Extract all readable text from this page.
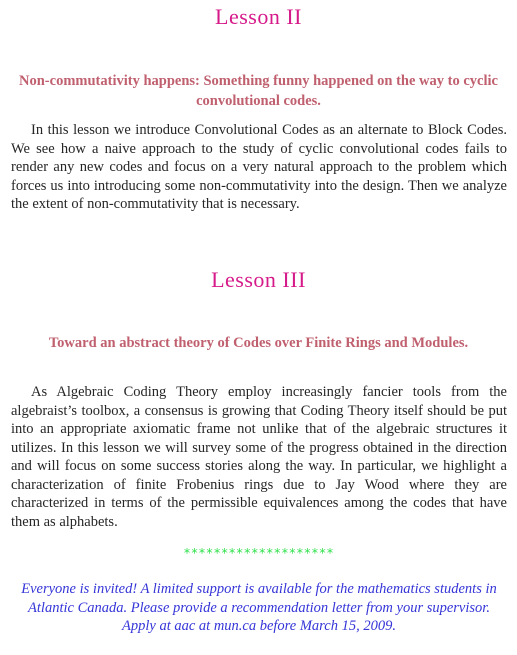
Lesson II
Non-commutativity happens: Something funny happened on the way to cyclic convolutional codes.
In this lesson we introduce Convolutional Codes as an alternate to Block Codes. We see how a naive approach to the study of cyclic convolutional codes fails to render any new codes and focus on a very natural approach to the problem which forces us into introducing some non-commutativity into the design. Then we analyze the extent of non-commutativity that is necessary.
Lesson III
Toward an abstract theory of Codes over Finite Rings and Modules.
As Algebraic Coding Theory employ increasingly fancier tools from the algebraist’s toolbox, a consensus is growing that Coding Theory itself should be put into an appropriate axiomatic frame not unlike that of the algebraic structures it utilizes. In this lesson we will survey some of the progress obtained in the direction and will focus on some success stories along the way. In particular, we highlight a characterization of finite Frobenius rings due to Jay Wood where they are characterized in terms of the permissible equivalences among the codes that have them as alphabets.
********************
Everyone is invited! A limited support is available for the mathematics students in Atlantic Canada. Please provide a recommendation letter from your supervisor. Apply at aac at mun.ca before March 15, 2009.
